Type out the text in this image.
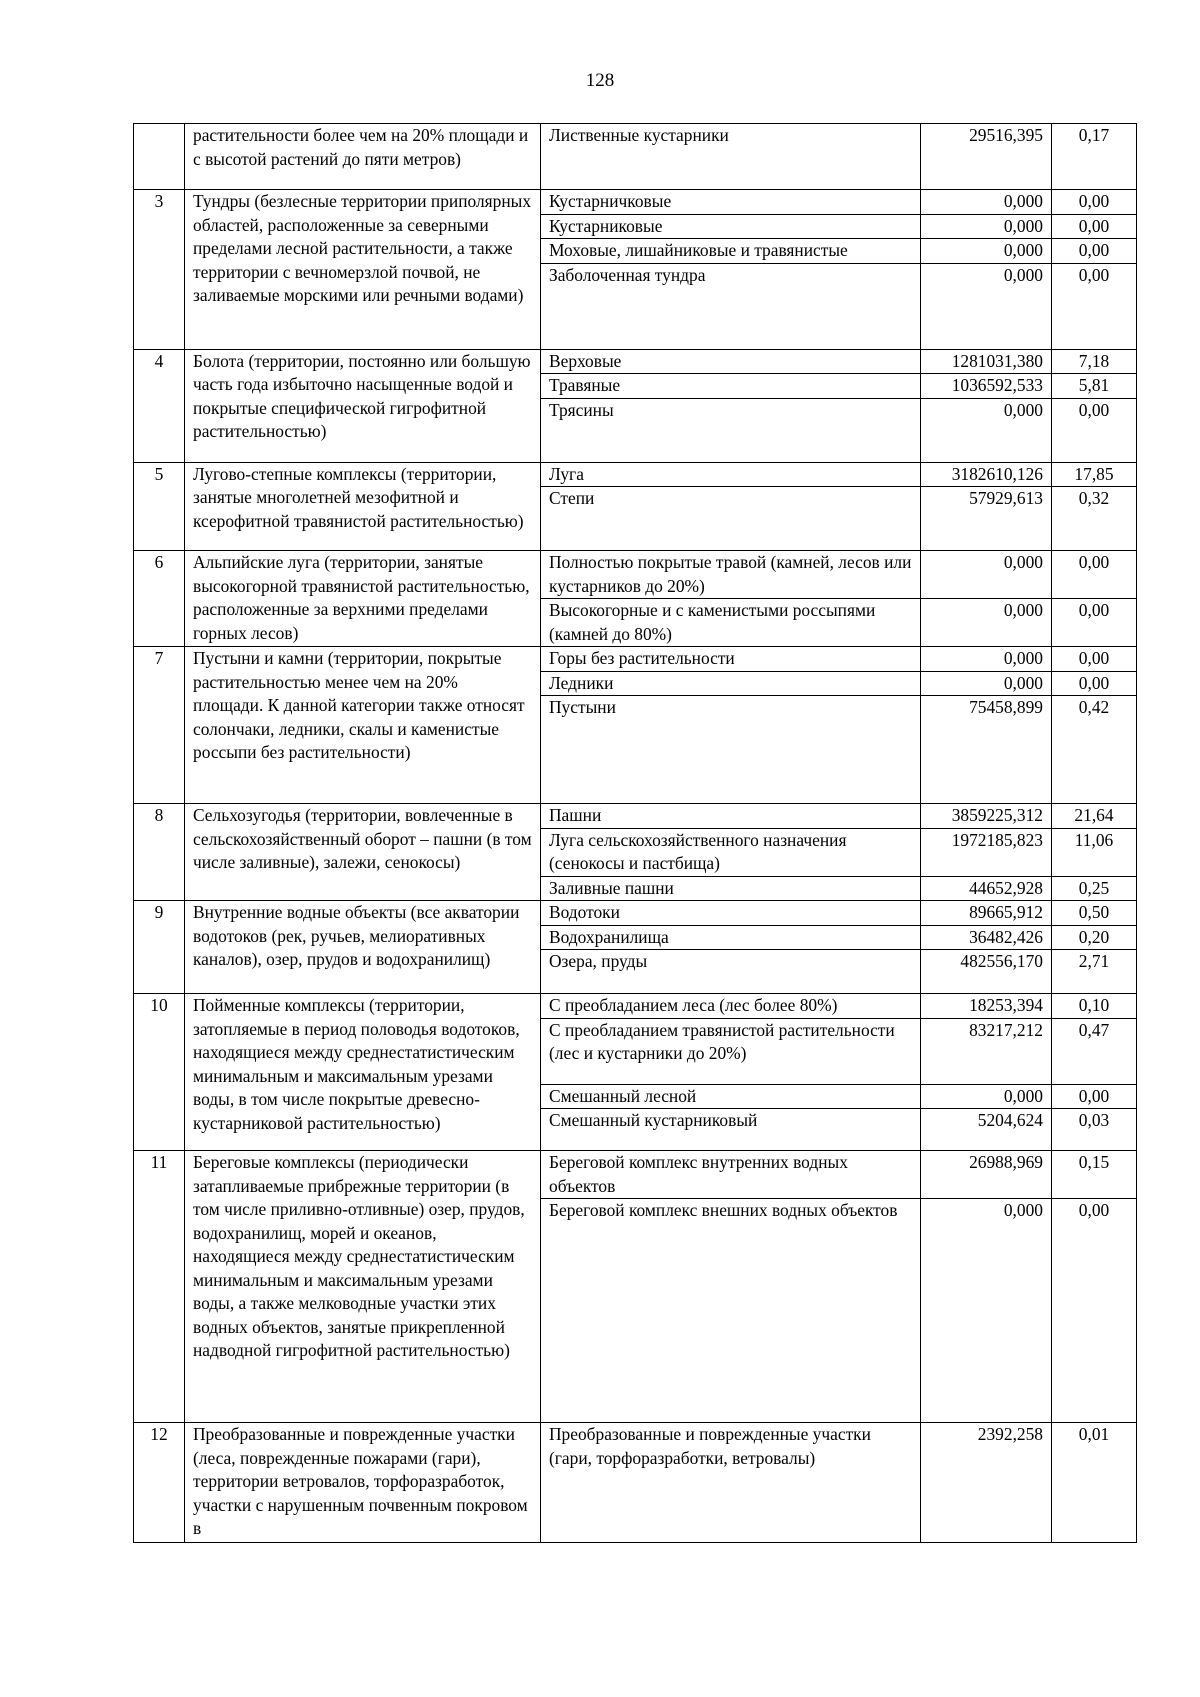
128
	растительности более чем на 20% площади и с высотой растений до пяти метров)	Лиственные кустарники	29516,395	0,17
3	Тундры (безлесные территории приполярных областей, расположенные за северными пределами лесной растительности, а также территории с вечномерзлой почвой, не заливаемые морскими или речными водами)	Кустарничковые	0,000	0,00
		Кустарниковые	0,000	0,00
		Моховые, лишайниковые и травянистые	0,000	0,00
		Заболоченная тундра	0,000	0,00
4	Болота (территории, постоянно или большую часть года избыточно насыщенные водой и покрытые специфической гигрофитной растительностью)	Верховые	1281031,380	7,18
		Травяные	1036592,533	5,81
		Трясины	0,000	0,00
5	Лугово-степные комплексы (территории, занятые многолетней мезофитной и ксерофитной травянистой растительностью)	Луга	3182610,126	17,85
		Степи	57929,613	0,32
6	Альпийские луга (территории, занятые высокогорной травянистой растительностью, расположенные за верхними пределами горных лесов)	Полностью покрытые травой (камней, лесов или кустарников до 20%)	0,000	0,00
		Высокогорные и с каменистыми россыпями (камней до 80%)	0,000	0,00
7	Пустыни и камни (территории, покрытые растительностью менее чем на 20% площади. К данной категории также относят солончаки, ледники, скалы и каменистые россыпи без растительности)	Горы без растительности	0,000	0,00
		Ледники	0,000	0,00
		Пустыни	75458,899	0,42
8	Сельхозугодья (территории, вовлеченные в сельскохозяйственный оборот – пашни (в том числе заливные), залежи, сенокосы)	Пашни	3859225,312	21,64
		Луга сельскохозяйственного назначения (сенокосы и пастбища)	1972185,823	11,06
		Заливные пашни	44652,928	0,25
9	Внутренние водные объекты (все акватории водотоков (рек, ручьев, мелиоративных каналов), озер, прудов и водохранилищ)	Водотоки	89665,912	0,50
		Водохранилища	36482,426	0,20
		Озера, пруды	482556,170	2,71
10	Пойменные комплексы (территории, затопляемые в период половодья водотоков, находящиеся между среднестатистическим минимальным и максимальным урезами воды, в том числе покрытые древесно-кустарниковой растительностью)	С преобладанием леса (лес более 80%)	18253,394	0,10
		С преобладанием травянистой растительности (лес и кустарники до 20%)	83217,212	0,47
		Смешанный лесной	0,000	0,00
		Смешанный кустарниковый	5204,624	0,03
11	Береговые комплексы (периодически затапливаемые прибрежные территории (в том числе приливно-отливные) озер, прудов, водохранилищ, морей и океанов, находящиеся между среднестатистическим минимальным и максимальным урезами воды, а также мелководные участки этих водных объектов, занятые прикрепленной надводной гигрофитной растительностью)	Береговой комплекс внутренних водных объектов	26988,969	0,15
		Береговой комплекс внешних водных объектов	0,000	0,00
12	Преобразованные и поврежденные участки (леса, поврежденные пожарами (гари), территории ветровалов, торфоразработок, участки с нарушенным почвенным покровом в	Преобразованные и поврежденные участки (гари, торфоразработки, ветровалы)	2392,258	0,01
